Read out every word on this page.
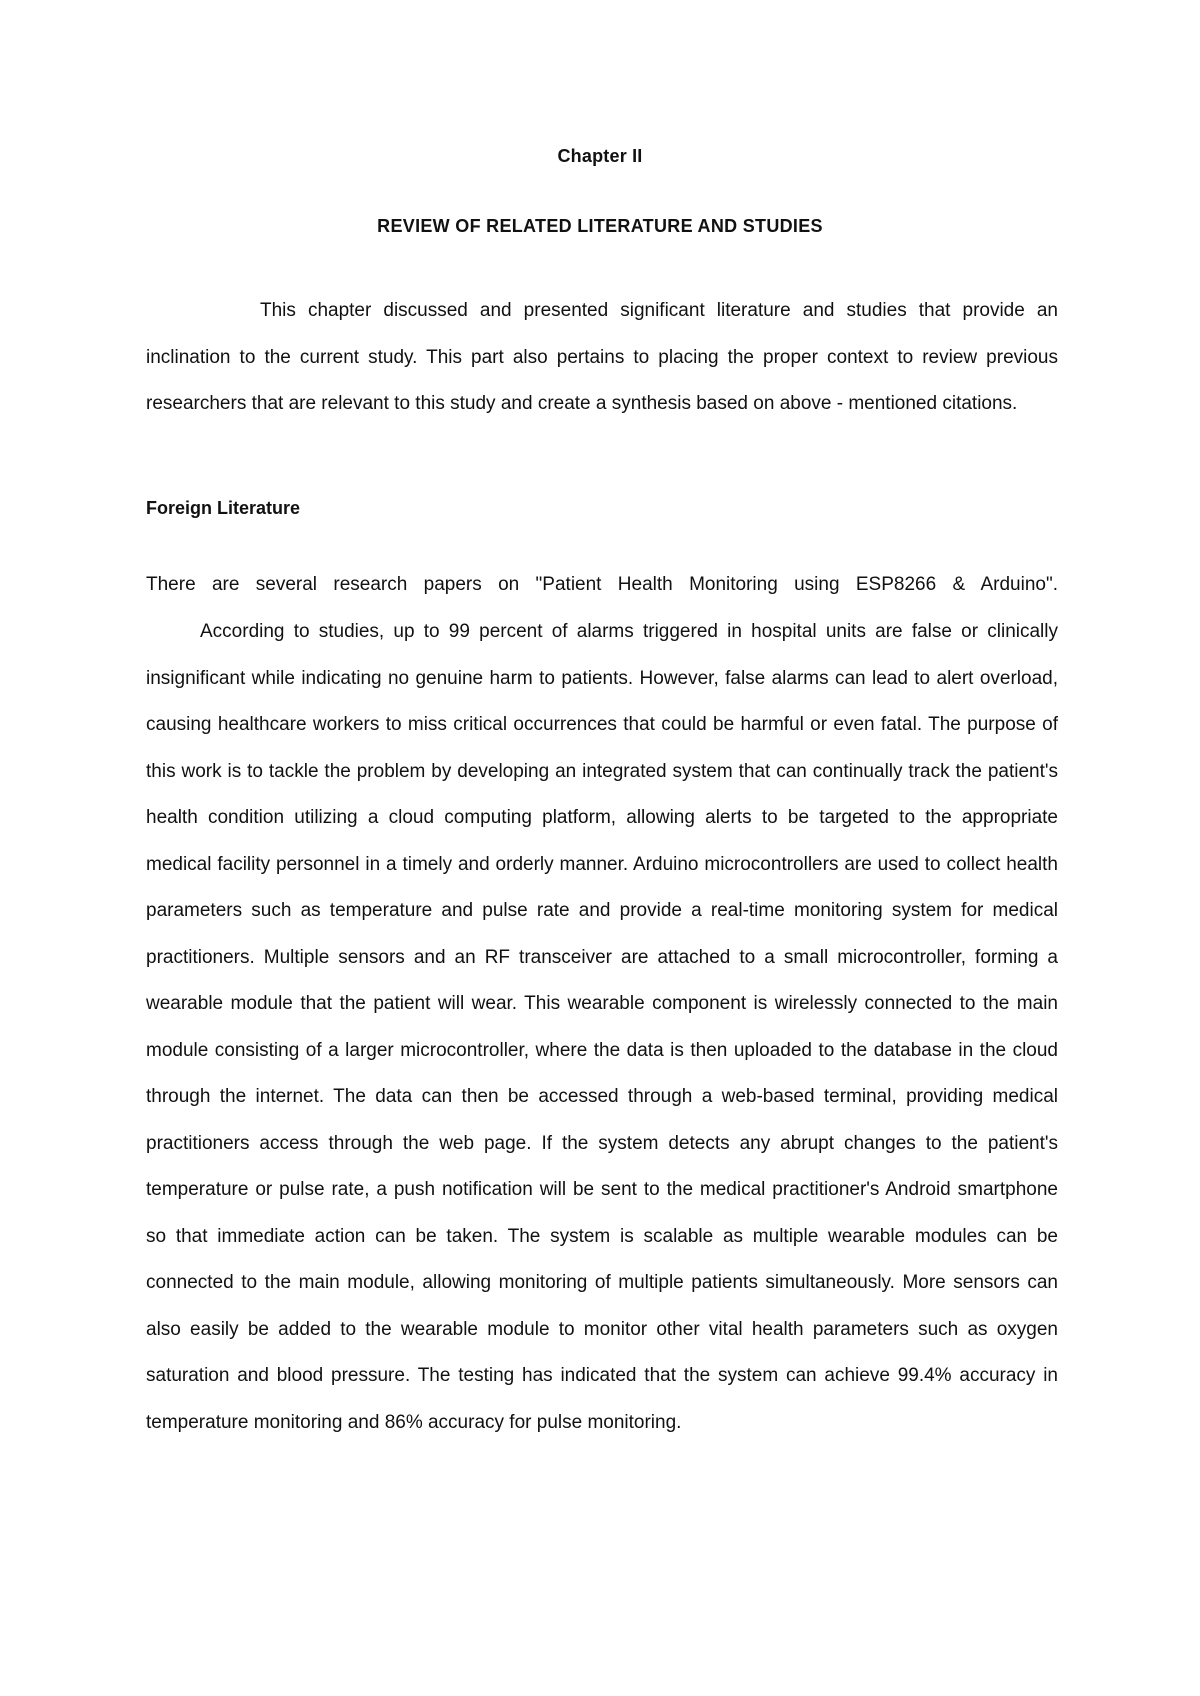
Chapter II
REVIEW OF RELATED LITERATURE AND STUDIES
This chapter discussed and presented significant literature and studies that provide an inclination to the current study. This part also pertains to placing the proper context to review previous researchers that are relevant to this study and create a synthesis based on above - mentioned citations.
Foreign Literature
There are several research papers on "Patient Health Monitoring using ESP8266 & Arduino".
According to studies, up to 99 percent of alarms triggered in hospital units are false or clinically insignificant while indicating no genuine harm to patients. However, false alarms can lead to alert overload, causing healthcare workers to miss critical occurrences that could be harmful or even fatal. The purpose of this work is to tackle the problem by developing an integrated system that can continually track the patient's health condition utilizing a cloud computing platform, allowing alerts to be targeted to the appropriate medical facility personnel in a timely and orderly manner. Arduino microcontrollers are used to collect health parameters such as temperature and pulse rate and provide a real-time monitoring system for medical practitioners. Multiple sensors and an RF transceiver are attached to a small microcontroller, forming a wearable module that the patient will wear. This wearable component is wirelessly connected to the main module consisting of a larger microcontroller, where the data is then uploaded to the database in the cloud through the internet. The data can then be accessed through a web-based terminal, providing medical practitioners access through the web page. If the system detects any abrupt changes to the patient's temperature or pulse rate, a push notification will be sent to the medical practitioner's Android smartphone so that immediate action can be taken. The system is scalable as multiple wearable modules can be connected to the main module, allowing monitoring of multiple patients simultaneously. More sensors can also easily be added to the wearable module to monitor other vital health parameters such as oxygen saturation and blood pressure. The testing has indicated that the system can achieve 99.4% accuracy in temperature monitoring and 86% accuracy for pulse monitoring.
